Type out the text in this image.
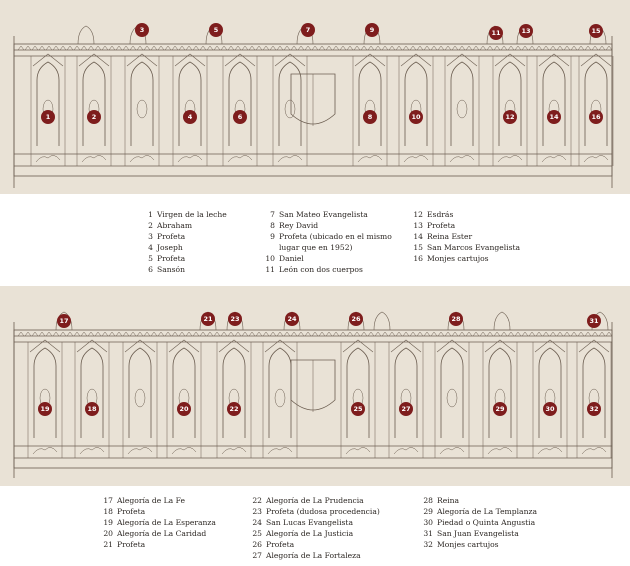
1	2
3
4
5
6
7
8
9
10
11
12
13
14
15
16
17
18
19	20
21
22
23	24
25
26
27
28
29	30
31
32
1 Virgen de la leche
2 Abraham
3 Profeta
4 Joseph
5 Profeta
6 Sansón
7 San Mateo Evangelista
8 Rey David
9 Profeta (ubicado en el mismo
lugar que en 1952)
10 Daniel
11 León con dos cuerpos
12 Esdrás
13 Profeta
14 Reina Ester
15 San Marcos Evangelista
16 Monjes cartujos
17 Alegoría de La Fe
18 Profeta
19 Alegoría de La Esperanza
20 Alegoría de La Caridad
21 Profeta
22 Alegoría de La Prudencia
23 Profeta (dudosa procedencia)
24 San Lucas Evangelista
25 Alegoría de La Justicia
26 Profeta
27 Alegoría de La Fortaleza
28 Reina
29 Alegoría de La Templanza
30 Piedad o Quinta Angustia
31 San Juan Evangelista
32 Monjes cartujos
